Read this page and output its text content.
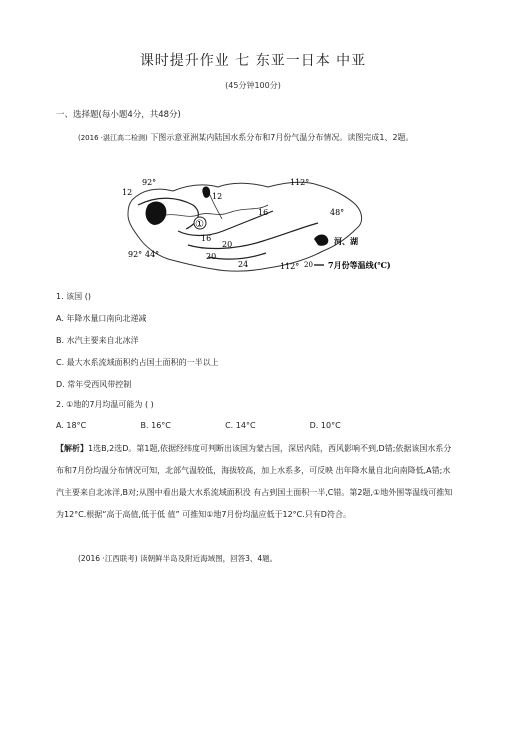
课时提升作业 七 东亚一日本 中亚
(45分钟100分)
一、选择题(每小题4分，共48分)
(2016 ·湛江高二检测) 下图示意亚洲某内陆国水系分布和7月份气温分布情况。读图完成1、2题。
①
92°
92°
112°
112°
44°
48°
12	12
16
16
20
20
24
河、湖
20 7月份等温线(℃)
1. 该国 ()
A. 年降水量口南向北递减
B. 水汽主要来自北冰洋
C. 最大水系流域面积约占国土面积的一半以上
D. 常年受西风带控制
2. ①地的7月均温可能为 ( )
A. 18°C	B. 16°C	C. 14°C	D. 10°C
【解析】1选B,2选D。第1题,依据经纬度可判断出该国为蒙古国，深居内陆，西风影响不到,D错;依据该国水系分布和7月份均温分布情况可知，北部气温较低，海拔较高，加上水系多，可反映 出年降水量自北向南降低,A错;水汽主要来自北冰洋,B对;从图中看出最大水系流域面积没 有占到国土面积一半,C错。第2题,①地外围等温线可推知为12°C.根据“高于高值,低于低 值” 可推知①地7月份均温应低于12°C.只有D符合。
(2016 ·江西联考) 读朝鲜半岛及附近海域图，回答3、4题。
